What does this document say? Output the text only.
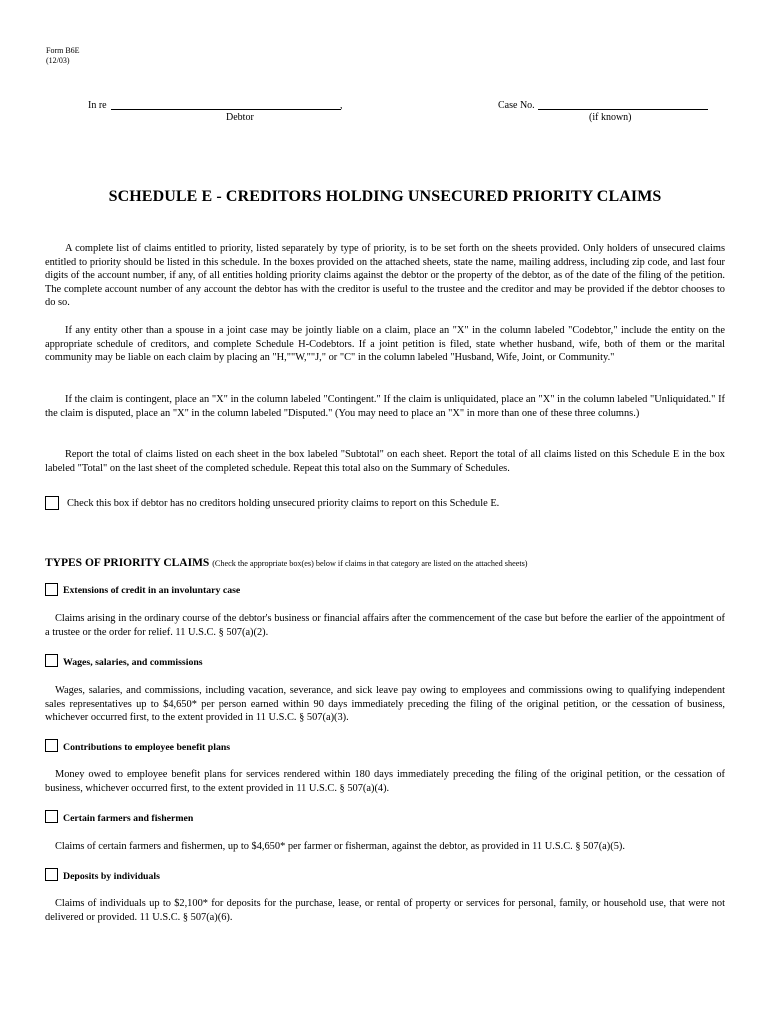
Form B6E
(12/03)
In re	,
Debtor
Case No.
(if known)
SCHEDULE E - CREDITORS HOLDING UNSECURED PRIORITY CLAIMS

A complete list of claims entitled to priority, listed separately by type of priority, is to be set forth on the sheets provided. Only holders of unsecured claims entitled to priority should be listed in this schedule. In the boxes provided on the attached sheets, state the name, mailing address, including zip code, and last four digits of the account number, if any, of all entities holding priority claims against the debtor or the property of the debtor, as of the date of the filing of the petition. The complete account number of any account the debtor has with the creditor is useful to the trustee and the creditor and may be provided if the debtor chooses to do so.

If any entity other than a spouse in a joint case may be jointly liable on a claim, place an "X" in the column labeled "Codebtor," include the entity on the appropriate schedule of creditors, and complete Schedule H-Codebtors. If a joint petition is filed, state whether husband, wife, both of them or the marital community may be liable on each claim by placing an "H,""W,""J," or "C" in the column labeled "Husband, Wife, Joint, or Community."

If the claim is contingent, place an "X" in the column labeled "Contingent." If the claim is unliquidated, place an "X" in the column labeled "Unliquidated." If the claim is disputed, place an "X" in the column labeled "Disputed." (You may need to place an "X" in more than one of these three columns.)

Report the total of claims listed on each sheet in the box labeled "Subtotal" on each sheet. Report the total of all claims listed on this Schedule E in the box labeled "Total" on the last sheet of the completed schedule. Repeat this total also on the Summary of Schedules.

Check this box if debtor has no creditors holding unsecured priority claims to report on this Schedule E.
TYPES OF PRIORITY CLAIMS (Check the appropriate box(es) below if claims in that category are listed on the attached sheets)
Extensions of credit in an involuntary case

Claims arising in the ordinary course of the debtor's business or financial affairs after the commencement of the case but before the earlier of the appointment of a trustee or the order for relief. 11 U.S.C. § 507(a)(2).

Wages, salaries, and commissions

Wages, salaries, and commissions, including vacation, severance, and sick leave pay owing to employees and commissions owing to qualifying independent sales representatives up to $4,650* per person earned within 90 days immediately preceding the filing of the original petition, or the cessation of business, whichever occurred first, to the extent provided in 11 U.S.C. § 507(a)(3).

Contributions to employee benefit plans

Money owed to employee benefit plans for services rendered within 180 days immediately preceding the filing of the original petition, or the cessation of business, whichever occurred first, to the extent provided in 11 U.S.C. § 507(a)(4).

Certain farmers and fishermen

Claims of certain farmers and fishermen, up to $4,650* per farmer or fisherman, against the debtor, as provided in 11 U.S.C. § 507(a)(5).

Deposits by individuals

Claims of individuals up to $2,100* for deposits for the purchase, lease, or rental of property or services for personal, family, or household use, that were not delivered or provided. 11 U.S.C. § 507(a)(6).
